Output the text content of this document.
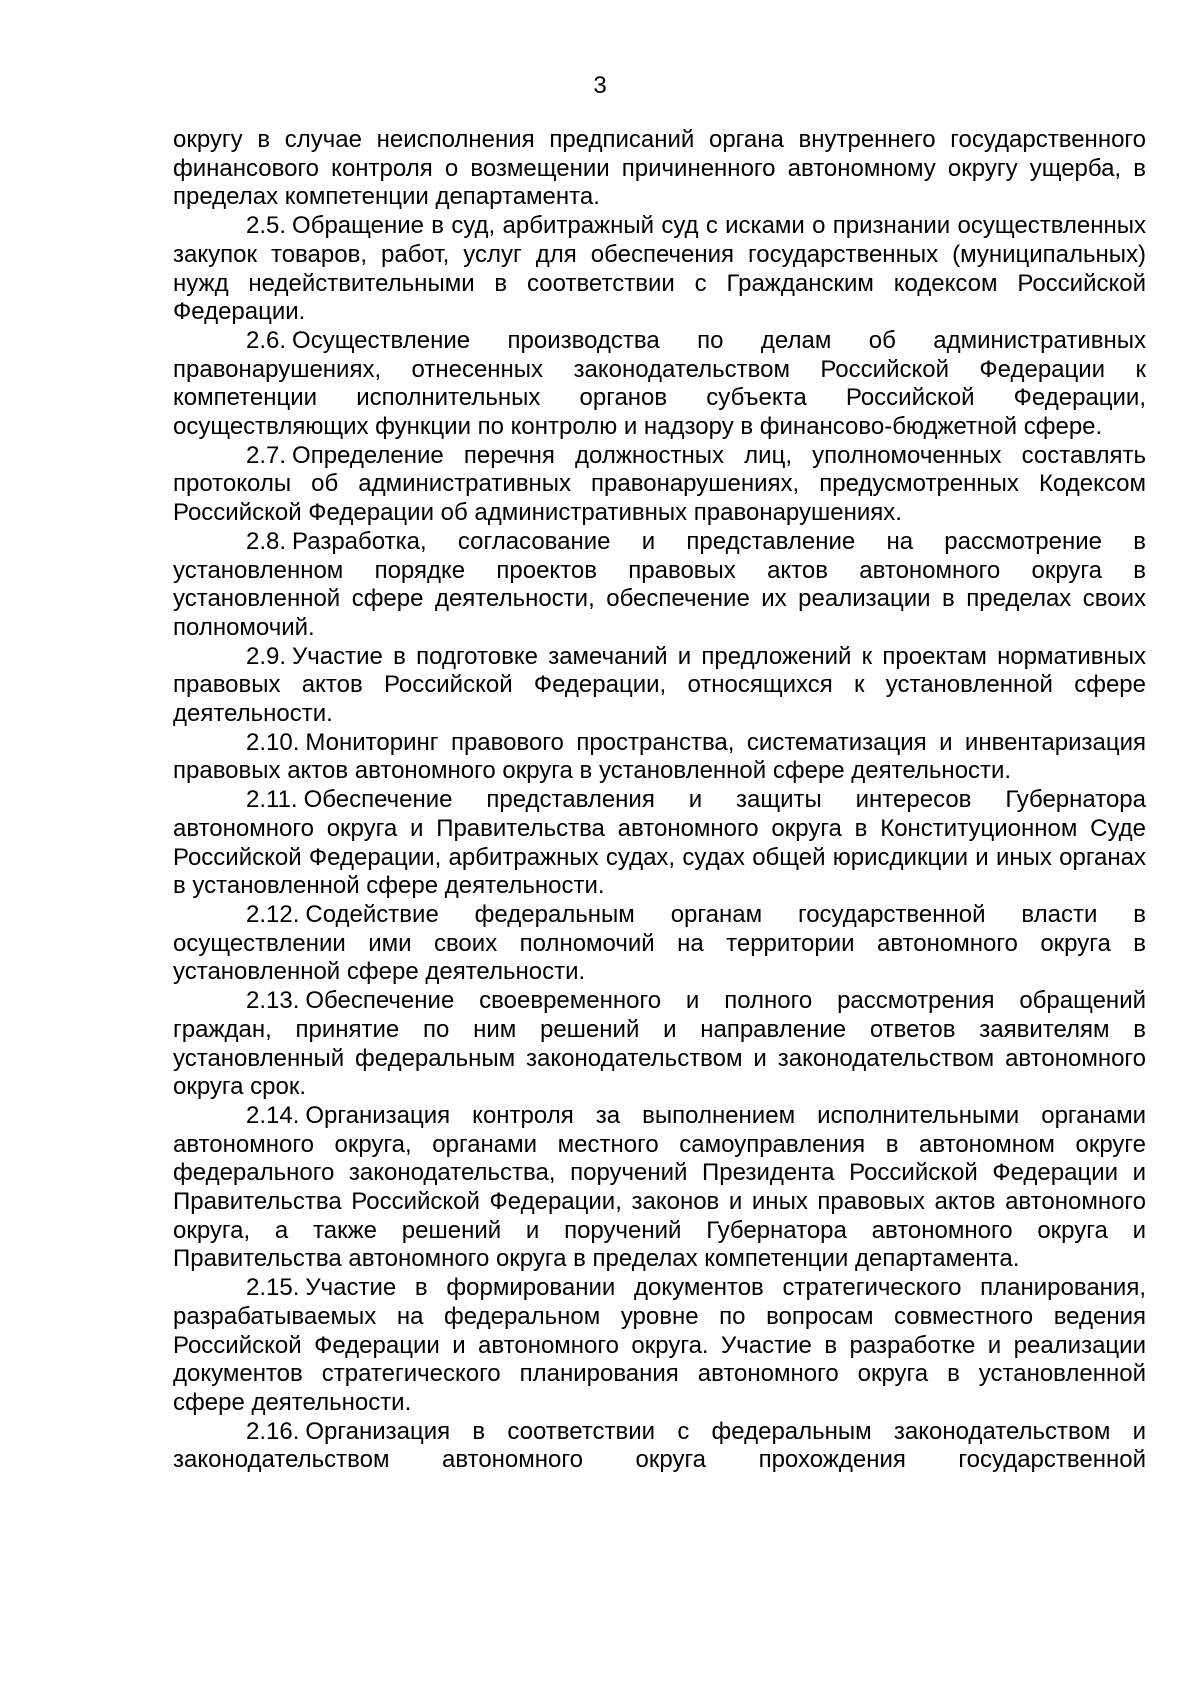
3

округу в случае неисполнения предписаний органа внутреннего государственного финансового контроля о возмещении причиненного автономному округу ущерба, в пределах компетенции департамента.

2.5. Обращение в суд, арбитражный суд с исками о признании осуществленных закупок товаров, работ, услуг для обеспечения государственных (муниципальных) нужд недействительными в соответствии с Гражданским кодексом Российской Федерации.

2.6. Осуществление производства по делам об административных правонарушениях, отнесенных законодательством Российской Федерации к компетенции исполнительных органов субъекта Российской Федерации, осуществляющих функции по контролю и надзору в финансово-бюджетной сфере.

2.7. Определение перечня должностных лиц, уполномоченных составлять протоколы об административных правонарушениях, предусмотренных Кодексом Российской Федерации об административных правонарушениях.

2.8. Разработка, согласование и представление на рассмотрение в установленном порядке проектов правовых актов автономного округа в установленной сфере деятельности, обеспечение их реализации в пределах своих полномочий.

2.9. Участие в подготовке замечаний и предложений к проектам нормативных правовых актов Российской Федерации, относящихся к установленной сфере деятельности.

2.10. Мониторинг правового пространства, систематизация и инвентаризация правовых актов автономного округа в установленной сфере деятельности.

2.11. Обеспечение представления и защиты интересов Губернатора автономного округа и Правительства автономного округа в Конституционном Суде Российской Федерации, арбитражных судах, судах общей юрисдикции и иных органах в установленной сфере деятельности.

2.12. Содействие федеральным органам государственной власти в осуществлении ими своих полномочий на территории автономного округа в установленной сфере деятельности.

2.13. Обеспечение своевременного и полного рассмотрения обращений граждан, принятие по ним решений и направление ответов заявителям в установленный федеральным законодательством и законодательством автономного округа срок.

2.14. Организация контроля за выполнением исполнительными органами автономного округа, органами местного самоуправления в автономном округе федерального законодательства, поручений Президента Российской Федерации и Правительства Российской Федерации, законов и иных правовых актов автономного округа, а также решений и поручений Губернатора автономного округа и Правительства автономного округа в пределах компетенции департамента.

2.15. Участие в формировании документов стратегического планирования, разрабатываемых на федеральном уровне по вопросам совместного ведения Российской Федерации и автономного округа. Участие в разработке и реализации документов стратегического планирования автономного округа в установленной сфере деятельности.

2.16. Организация в соответствии с федеральным законодательством и законодательством автономного округа прохождения государственной
